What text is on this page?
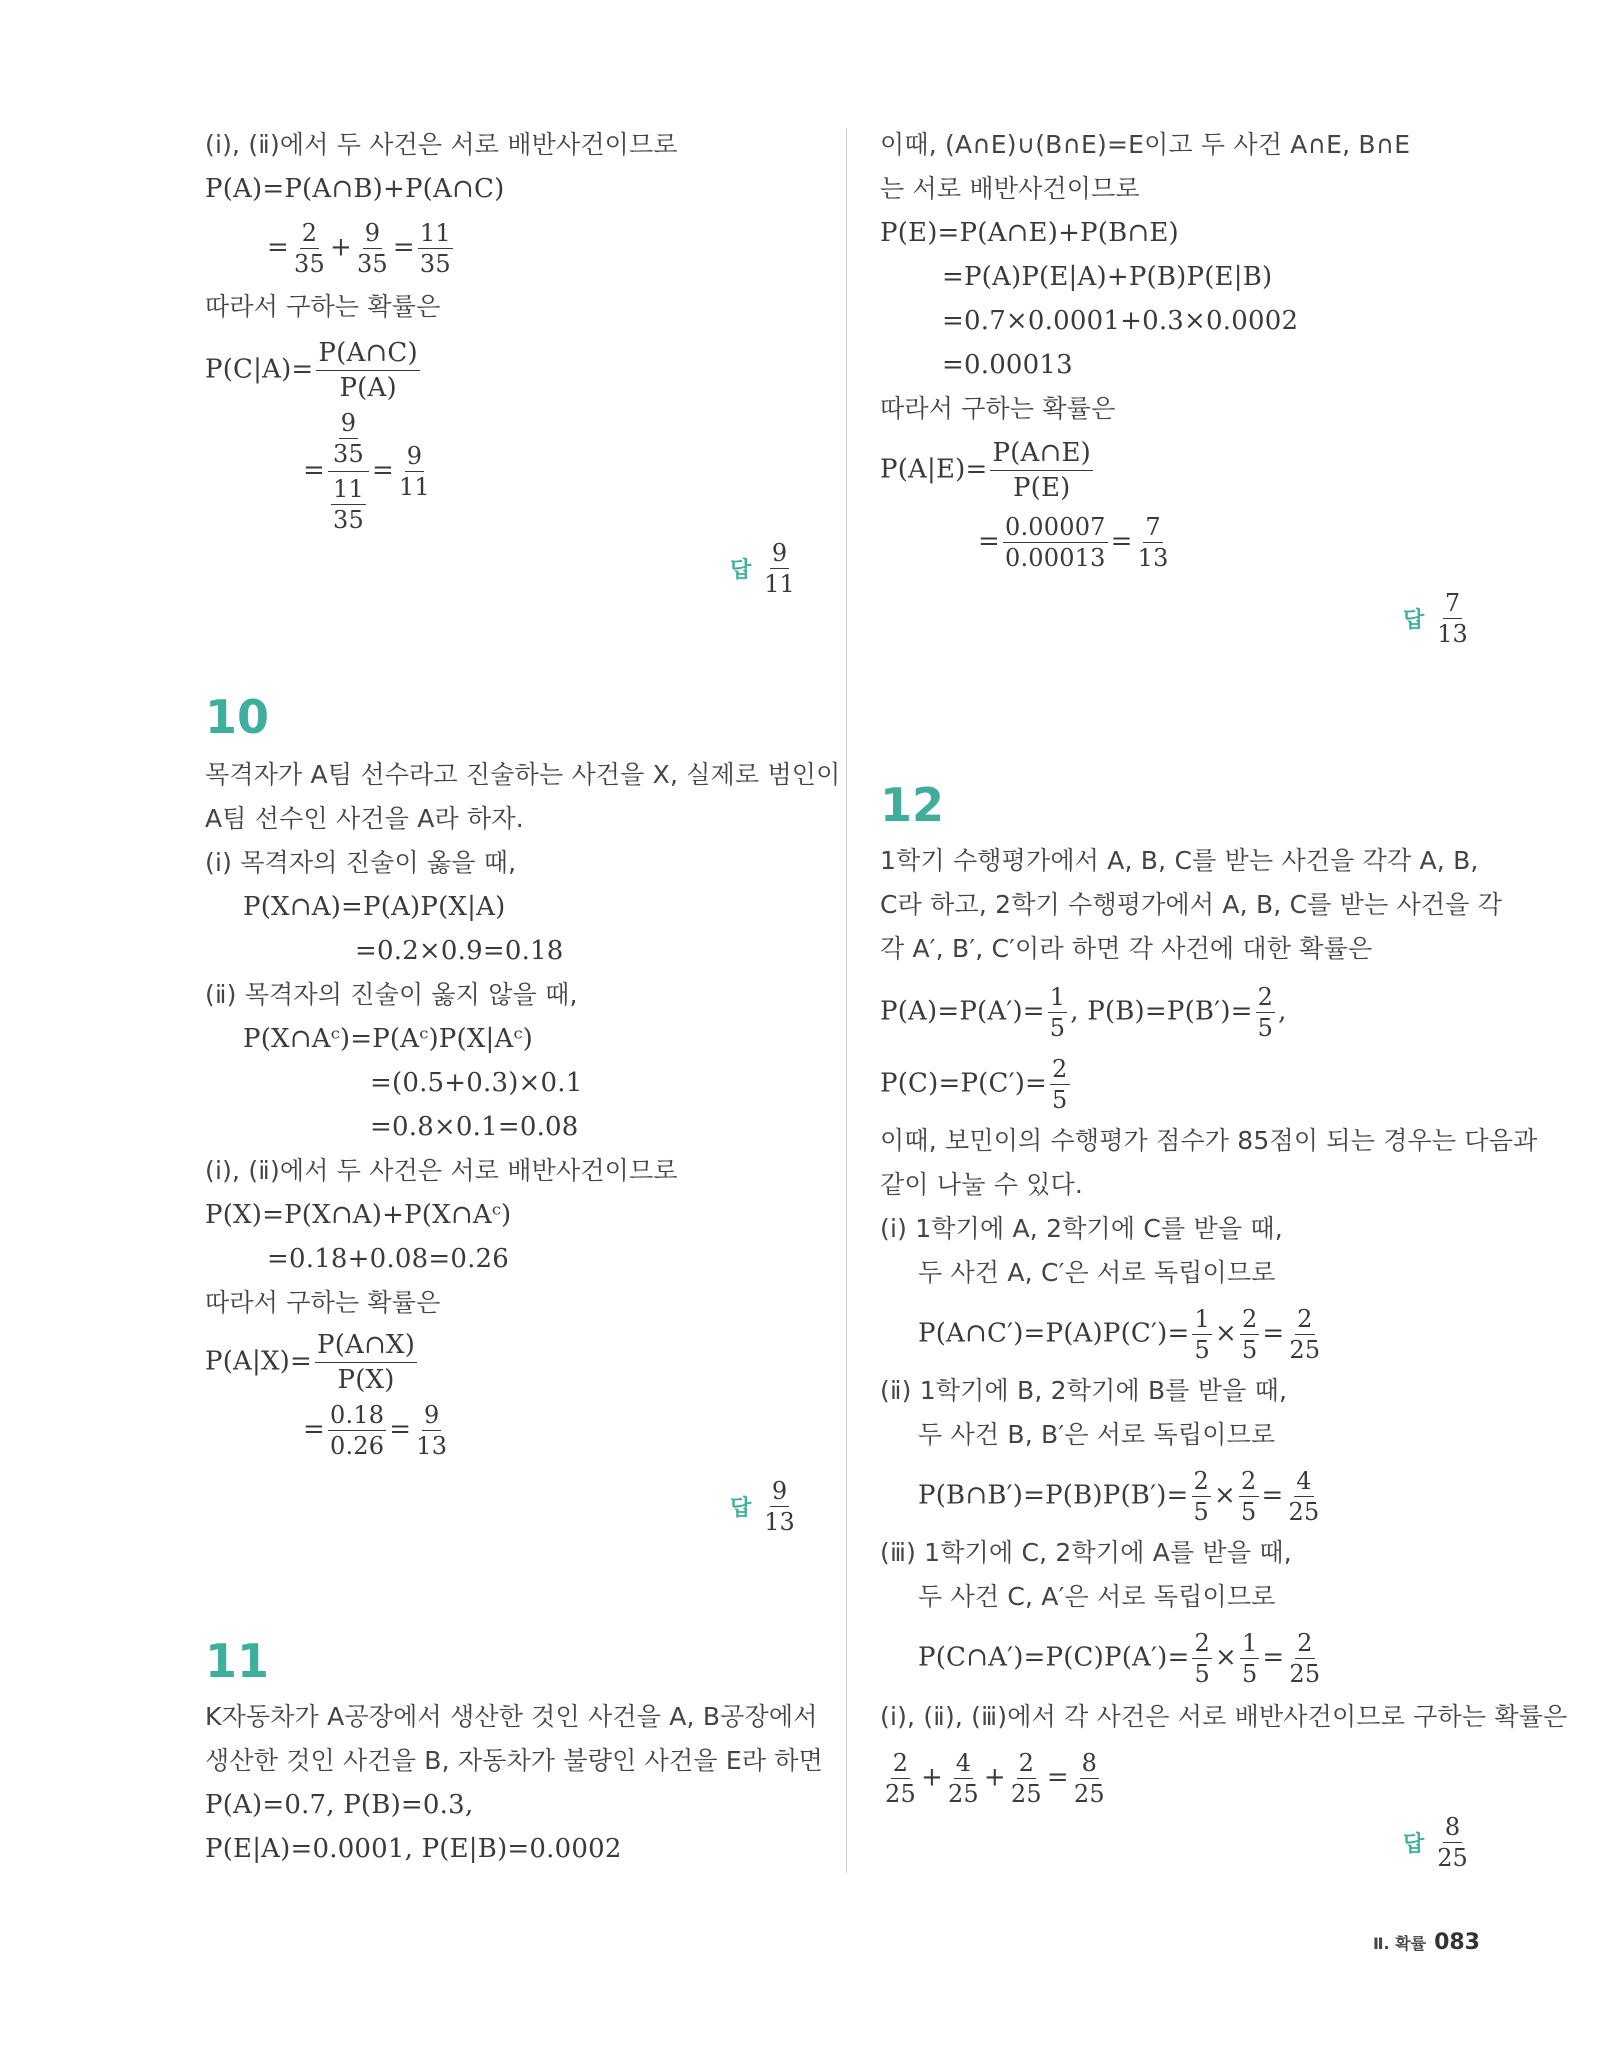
(ⅰ), (ⅱ)에서 두 사건은 서로 배반사건이므로
P(A)=P(A∩B)+P(A∩C)
= $\frac{2}{35} + \frac{9}{35} = \frac{11}{35}$
따라서 구하는 확률은
$P(C|A)= \frac{P(A\cap C)}{P(A)}$
= $\frac{\frac{9}{35}}{\frac{11}{35}} = \frac{9}{11}$
답 $\frac{9}{11}$
10
목격자가 A팀 선수라고 진술하는 사건을 X, 실제로 범인이
A팀 선수인 사건을 A라 하자.
(ⅰ) 목격자의 진술이 옳을 때,
P(X∩A)=P(A)P(X|A)
=0.2×0.9=0.18
(ⅱ) 목격자의 진술이 옳지 않을 때,
P(X∩Aᶜ)=P(Aᶜ)P(X|Aᶜ)
=(0.5+0.3)×0.1
=0.8×0.1=0.08
(ⅰ), (ⅱ)에서 두 사건은 서로 배반사건이므로
P(X)=P(X∩A)+P(X∩Aᶜ)
=0.18+0.08=0.26
따라서 구하는 확률은
$P(A|X)= \frac{P(A\cap X)}{P(X)}$
= $\frac{0.18}{0.26} = \frac{9}{13}$
답 $\frac{9}{13}$
11
K자동차가 A공장에서 생산한 것인 사건을 A, B공장에서
생산한 것인 사건을 B, 자동차가 불량인 사건을 E라 하면
P(A)=0.7, P(B)=0.3,
P(E|A)=0.0001, P(E|B)=0.0002
이때, (A∩E)∪(B∩E)=E이고 두 사건 A∩E, B∩E
는 서로 배반사건이므로
P(E)=P(A∩E)+P(B∩E)
=P(A)P(E|A)+P(B)P(E|B)
=0.7×0.0001+0.3×0.0002
=0.00013
따라서 구하는 확률은
$P(A|E)= \frac{P(A\cap E)}{P(E)}$
= $\frac{0.00007}{0.00013} = \frac{7}{13}$
답 $\frac{7}{13}$
12
1학기 수행평가에서 A, B, C를 받는 사건을 각각 A, B,
C라 하고, 2학기 수행평가에서 A, B, C를 받는 사건을 각
각 A′, B′, C′이라 하면 각 사건에 대한 확률은
$P(A)=P(A')= \frac{1}{5}$ , $P(B)=P(B')= \frac{2}{5}$ ,
$P(C)=P(C')= \frac{2}{5}$
이때, 보민이의 수행평가 점수가 85점이 되는 경우는 다음과
같이 나눌 수 있다.
(ⅰ) 1학기에 A, 2학기에 C를 받을 때,
두 사건 A, C′은 서로 독립이므로
P(A∩C′)=P(A)P(C′)= $\frac{1}{5} \times \frac{2}{5} = \frac{2}{25}$
(ⅱ) 1학기에 B, 2학기에 B를 받을 때,
두 사건 B, B′은 서로 독립이므로
P(B∩B′)=P(B)P(B′)= $\frac{2}{5} \times \frac{2}{5} = \frac{4}{25}$
(ⅲ) 1학기에 C, 2학기에 A를 받을 때,
두 사건 C, A′은 서로 독립이므로
P(C∩A′)=P(C)P(A′)= $\frac{2}{5} \times \frac{1}{5} = \frac{2}{25}$
(ⅰ), (ⅱ), (ⅲ)에서 각 사건은 서로 배반사건이므로 구하는 확률은
$\frac{2}{25} + \frac{4}{25} + \frac{2}{25} = \frac{8}{25}$
답 $\frac{8}{25}$
Ⅱ. 확률 083
